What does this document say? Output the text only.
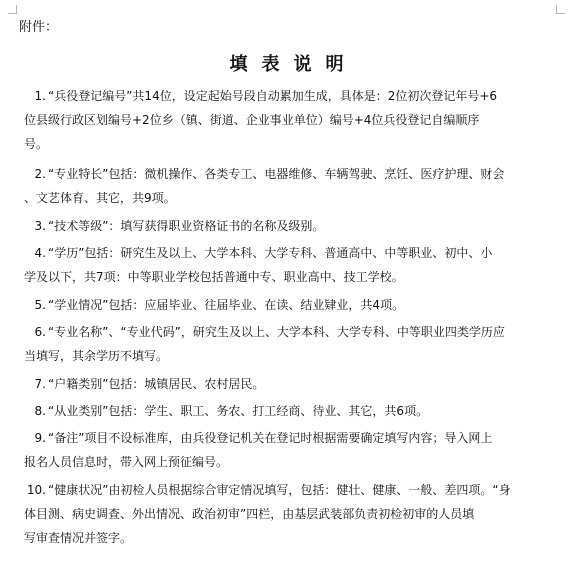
附件：
填表说明
1. “兵役登记编号”共14位，设定起始号段自动累加生成，具体是：2位初次登记年号+6
位县级行政区划编号+2位乡（镇、街道、企业事业单位）编号+4位兵役登记自编顺序
号。
2. “专业特长”包括：微机操作、各类专工、电器维修、车辆驾驶、烹饪、医疗护理、财会
、文艺体育、其它，共9项。
3. “技术等级”：填写获得职业资格证书的名称及级别。
4. “学历”包括：研究生及以上、大学本科、大学专科、普通高中、中等职业、初中、小
学及以下，共7项：中等职业学校包括普通中专、职业高中、技工学校。
5. “学业情况”包括：应届毕业、往届毕业、在读、结业肄业，共4项。
6. “专业名称”、“专业代码”，研究生及以上、大学本科、大学专科、中等职业四类学历应
当填写，其余学历不填写。
7. “户籍类别”包括：城镇居民、农村居民。
8. “从业类别”包括：学生、职工、务农、打工经商、待业、其它，共6项。
9. “备注”项目不设标准库，由兵役登记机关在登记时根据需要确定填写内容；导入网上
报名人员信息时，带入网上预征编号。
10. “健康状况”由初检人员根据综合审定情况填写，包括：健壮、健康、一般、差四项。“身
体目测、病史调查、外出情况、政治初审”四栏，由基层武装部负责初检初审的人员填
写审查情况并签字。
